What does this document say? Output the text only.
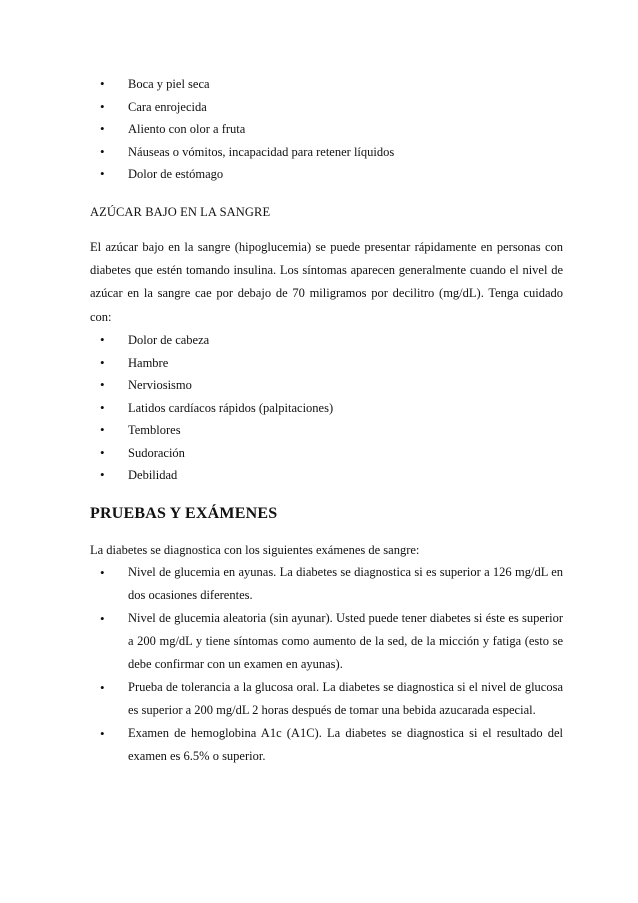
• Boca y piel seca
• Cara enrojecida
• Aliento con olor a fruta
• Náuseas o vómitos, incapacidad para retener líquidos
• Dolor de estómago
AZÚCAR BAJO EN LA SANGRE

El azúcar bajo en la sangre (hipoglucemia) se puede presentar rápidamente en personas con diabetes que estén tomando insulina. Los síntomas aparecen generalmente cuando el nivel de azúcar en la sangre cae por debajo de 70 miligramos por decilitro (mg/dL). Tenga cuidado con:

• Dolor de cabeza
• Hambre
• Nerviosismo
• Latidos cardíacos rápidos (palpitaciones)
• Temblores
• Sudoración
• Debilidad
PRUEBAS Y EXÁMENES

La diabetes se diagnostica con los siguientes exámenes de sangre:

• Nivel de glucemia en ayunas. La diabetes se diagnostica si es superior a 126 mg/dL en dos ocasiones diferentes.
• Nivel de glucemia aleatoria (sin ayunar). Usted puede tener diabetes si éste es superior a 200 mg/dL y tiene síntomas como aumento de la sed, de la micción y fatiga (esto se debe confirmar con un examen en ayunas).
• Prueba de tolerancia a la glucosa oral. La diabetes se diagnostica si el nivel de glucosa es superior a 200 mg/dL 2 horas después de tomar una bebida azucarada especial.
• Examen de hemoglobina A1c (A1C). La diabetes se diagnostica si el resultado del examen es 6.5% o superior.
